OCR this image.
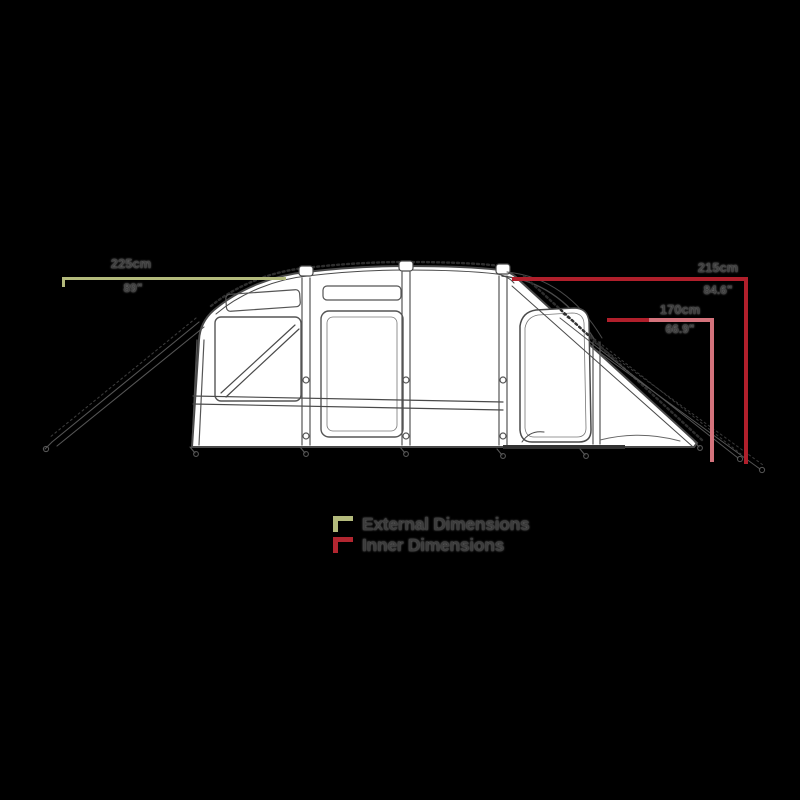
225cm
89"
215cm
84.6"
170cm
66.9"
External Dimensions
Inner Dimensions
